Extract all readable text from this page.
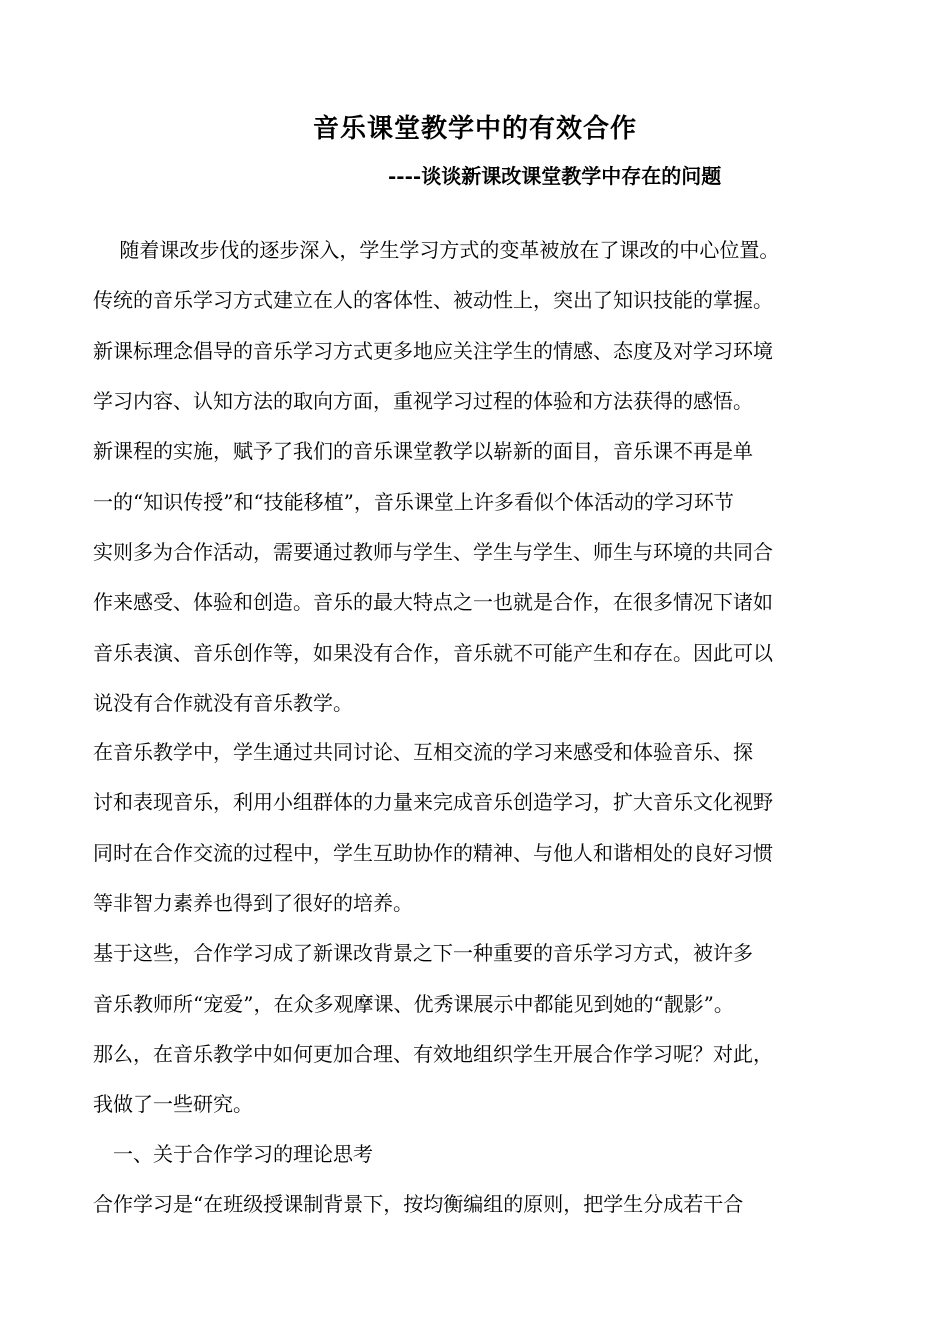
音乐课堂教学中的有效合作
----谈谈新课改课堂教学中存在的问题
　 随着课改步伐的逐步深入，学生学习方式的变革被放在了课改的中心位置。
传统的音乐学习方式建立在人的客体性、被动性上，突出了知识技能的掌握。
新课标理念倡导的音乐学习方式更多地应关注学生的情感、态度及对学习环境
学习内容、认知方法的取向方面，重视学习过程的体验和方法获得的感悟。
新课程的实施，赋予了我们的音乐课堂教学以崭新的面目，音乐课不再是单
一的“知识传授”和“技能移植”，音乐课堂上许多看似个体活动的学习环节
实则多为合作活动，需要通过教师与学生、学生与学生、师生与环境的共同合
作来感受、体验和创造。音乐的最大特点之一也就是合作，在很多情况下诸如
音乐表演、音乐创作等，如果没有合作，音乐就不可能产生和存在。因此可以
说没有合作就没有音乐教学。
在音乐教学中，学生通过共同讨论、互相交流的学习来感受和体验音乐、探
讨和表现音乐，利用小组群体的力量来完成音乐创造学习，扩大音乐文化视野
同时在合作交流的过程中，学生互助协作的精神、与他人和谐相处的良好习惯
等非智力素养也得到了很好的培养。
基于这些，合作学习成了新课改背景之下一种重要的音乐学习方式，被许多
音乐教师所“宠爱”，在众多观摩课、优秀课展示中都能见到她的“靓影”。
那么，在音乐教学中如何更加合理、有效地组织学生开展合作学习呢？对此，
我做了一些研究。
　一、关于合作学习的理论思考
合作学习是“在班级授课制背景下，按均衡编组的原则，把学生分成若干合
